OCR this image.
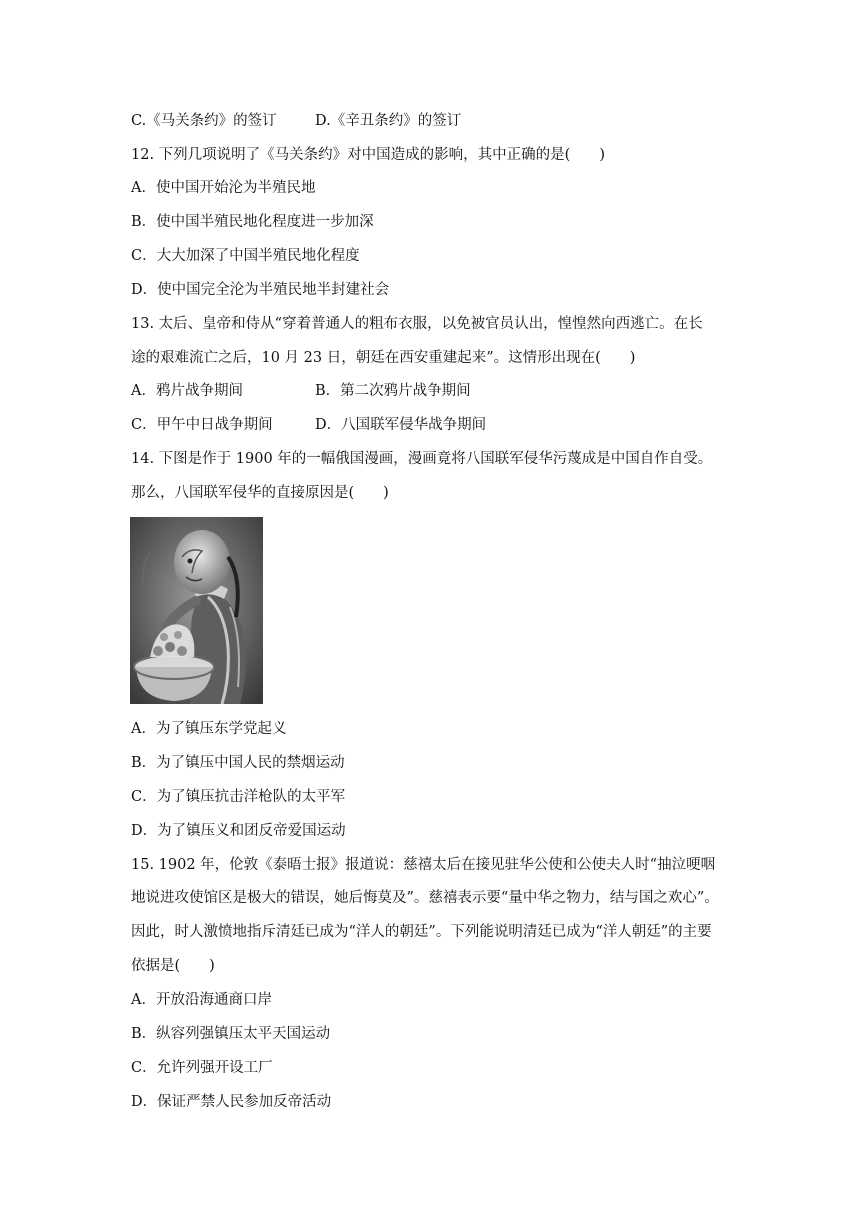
C.《马关条约》的签订	D.《辛丑条约》的签订
12. 下列几项说明了《马关条约》对中国造成的影响，其中正确的是(　　)
A．使中国开始沦为半殖民地
B．使中国半殖民地化程度进一步加深
C．大大加深了中国半殖民地化程度
D．使中国完全沦为半殖民地半封建社会
13. 太后、皇帝和侍从“穿着普通人的粗布衣服，以免被官员认出，惶惶然向西逃亡。在长
途的艰难流亡之后，10 月 23 日，朝廷在西安重建起来”。这情形出现在(　　)
A．鸦片战争期间	B．第二次鸦片战争期间
C．甲午中日战争期间	D．八国联军侵华战争期间
14. 下图是作于 1900 年的一幅俄国漫画，漫画竟将八国联军侵华污蔑成是中国自作自受。
那么，八国联军侵华的直接原因是(　　)
A．为了镇压东学党起义
B．为了镇压中国人民的禁烟运动
C．为了镇压抗击洋枪队的太平军
D．为了镇压义和团反帝爱国运动
15. 1902 年，伦敦《泰晤士报》报道说：慈禧太后在接见驻华公使和公使夫人时“抽泣哽咽
地说进攻使馆区是极大的错误，她后悔莫及”。慈禧表示要“量中华之物力，结与国之欢心”。
因此，时人激愤地指斥清廷已成为“洋人的朝廷”。下列能说明清廷已成为“洋人朝廷”的主要
依据是(　　)
A．开放沿海通商口岸
B．纵容列强镇压太平天国运动
C．允许列强开设工厂
D．保证严禁人民参加反帝活动
